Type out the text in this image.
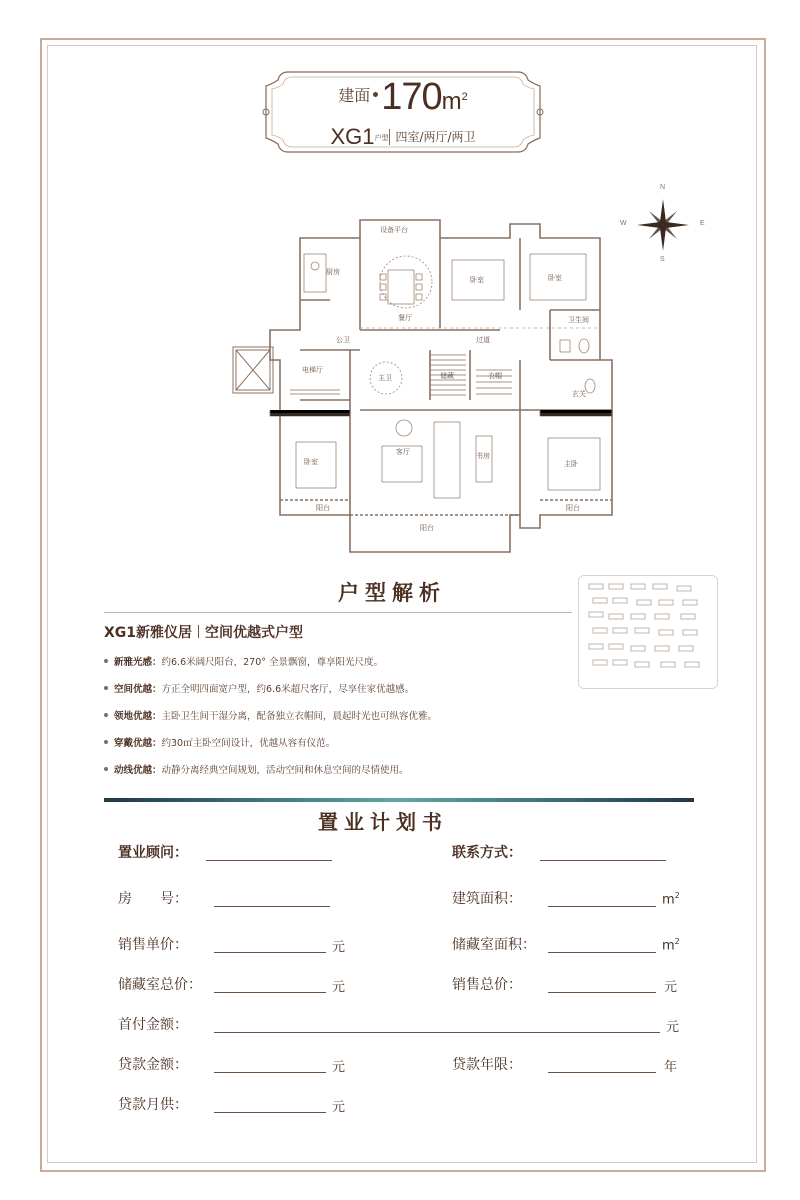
建面 $170m^2$
XG1户型 四室/两厅/两卫
N
S
W	E
设备平台
厨房
餐厅
卧室	卧室
卫生间
过道
公卫
电梯厅
主卫	储藏	衣帽
玄关
卧室
客厅
主卧
阳台
阳台
阳台
书房
户型解析
XG1新雅仪居 空间优越式户型
新雅光感：约6.6米阔尺阳台，270° 全景飘窗，尊享阳光尺度。
空间优越：方正全明四面宽户型，约6.6米超尺客厅，尽享住家优越感。
领地优越：主卧卫生间干湿分离，配备独立衣帽间，晨起时光也可纵容优雅。
穿戴优越：约30㎡主卧空间设计，优越从容有仪范。
动线优越：动静分离经典空间规划，活动空间和休息空间的尽情使用。
置业计划书
置业顾问：	联系方式：
房　　号：	建筑面积：	$m^2$
销售单价：	元	储藏室面积：	$m^2$
储藏室总价：	元	销售总价：	元
首付金额：	元
贷款金额：	元	贷款年限：	年
贷款月供：	元
